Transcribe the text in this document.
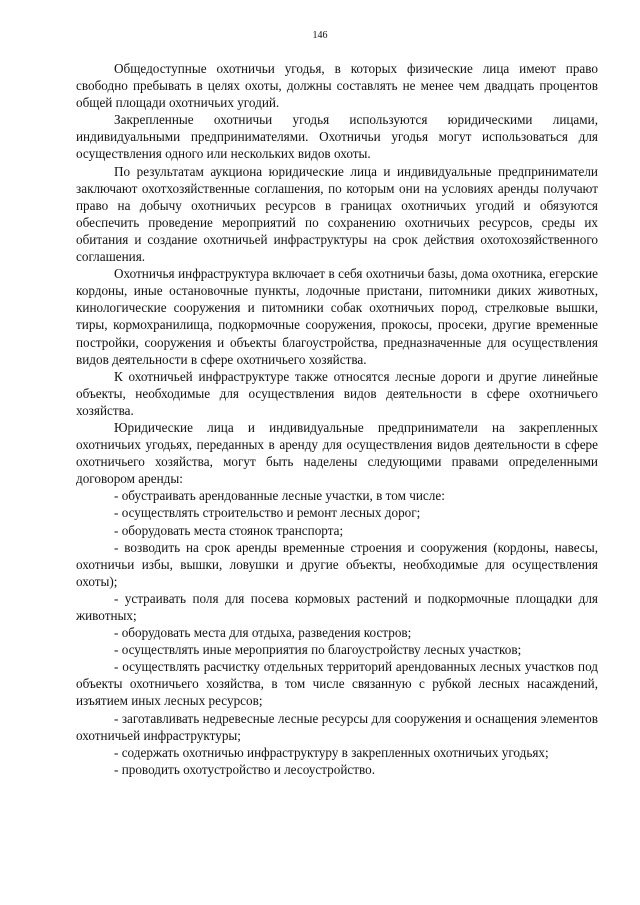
146

Общедоступные охотничьи угодья, в которых физические лица имеют право свободно пребывать в целях охоты, должны составлять не менее чем двадцать процентов общей площади охотничьих угодий.

Закрепленные охотничьи угодья используются юридическими лицами, индивидуальными предпринимателями. Охотничьи угодья могут использоваться для осуществления одного или нескольких видов охоты.

По результатам аукциона юридические лица и индивидуальные предприниматели заключают охотхозяйственные соглашения, по которым они на условиях аренды получают право на добычу охотничьих ресурсов в границах охотничьих угодий и обязуются обеспечить проведение мероприятий по сохранению охотничьих ресурсов, среды их обитания и создание охотничьей инфраструктуры на срок действия охотохозяйственного соглашения.

Охотничья инфраструктура включает в себя охотничьи базы, дома охотника, егерские кордоны, иные остановочные пункты, лодочные пристани, питомники диких животных, кинологические сооружения и питомники собак охотничьих пород, стрелковые вышки, тиры, кормохранилища, подкормочные сооружения, прокосы, просеки, другие временные постройки, сооружения и объекты благоустройства, предназначенные для осуществления видов деятельности в сфере охотничьего хозяйства.

К охотничьей инфраструктуре также относятся лесные дороги и другие линейные объекты, необходимые для осуществления видов деятельности в сфере охотничьего хозяйства.

Юридические лица и индивидуальные предприниматели на закрепленных охотничьих угодьях, переданных в аренду для осуществления видов деятельности в сфере охотничьего хозяйства, могут быть наделены следующими правами определенными договором аренды:

- обустраивать арендованные лесные участки, в том числе:

- осуществлять строительство и ремонт лесных дорог;

- оборудовать места стоянок транспорта;

- возводить на срок аренды временные строения и сооружения (кордоны, навесы, охотничьи избы, вышки, ловушки и другие объекты, необходимые для осуществления охоты);

- устраивать поля для посева кормовых растений и подкормочные площадки для животных;

- оборудовать места для отдыха, разведения костров;

- осуществлять иные мероприятия по благоустройству лесных участков;

- осуществлять расчистку отдельных территорий арендованных лесных участков под объекты охотничьего хозяйства, в том числе связанную с рубкой лесных насаждений, изъятием иных лесных ресурсов;

- заготавливать недревесные лесные ресурсы для сооружения и оснащения элементов охотничьей инфраструктуры;

- содержать охотничью инфраструктуру в закрепленных охотничьих угодьях;

- проводить охотустройство и лесоустройство.
